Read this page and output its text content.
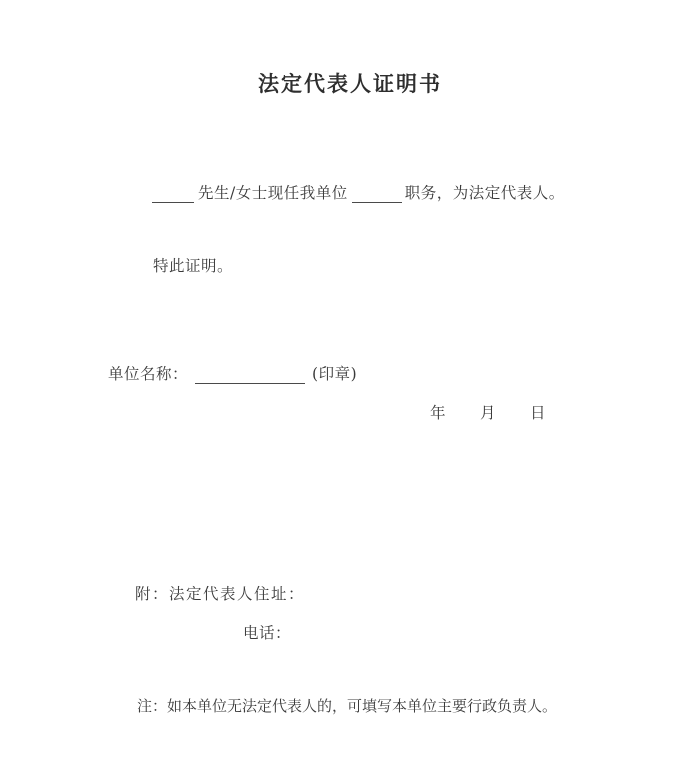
法定代表人证明书
先生/女士现任我单位	职务，为法定代表人。
特此证明。
单位名称：	(印章)
年 月 日
附：法定代表人住址：
电话：
注：如本单位无法定代表人的，可填写本单位主要行政负责人。
